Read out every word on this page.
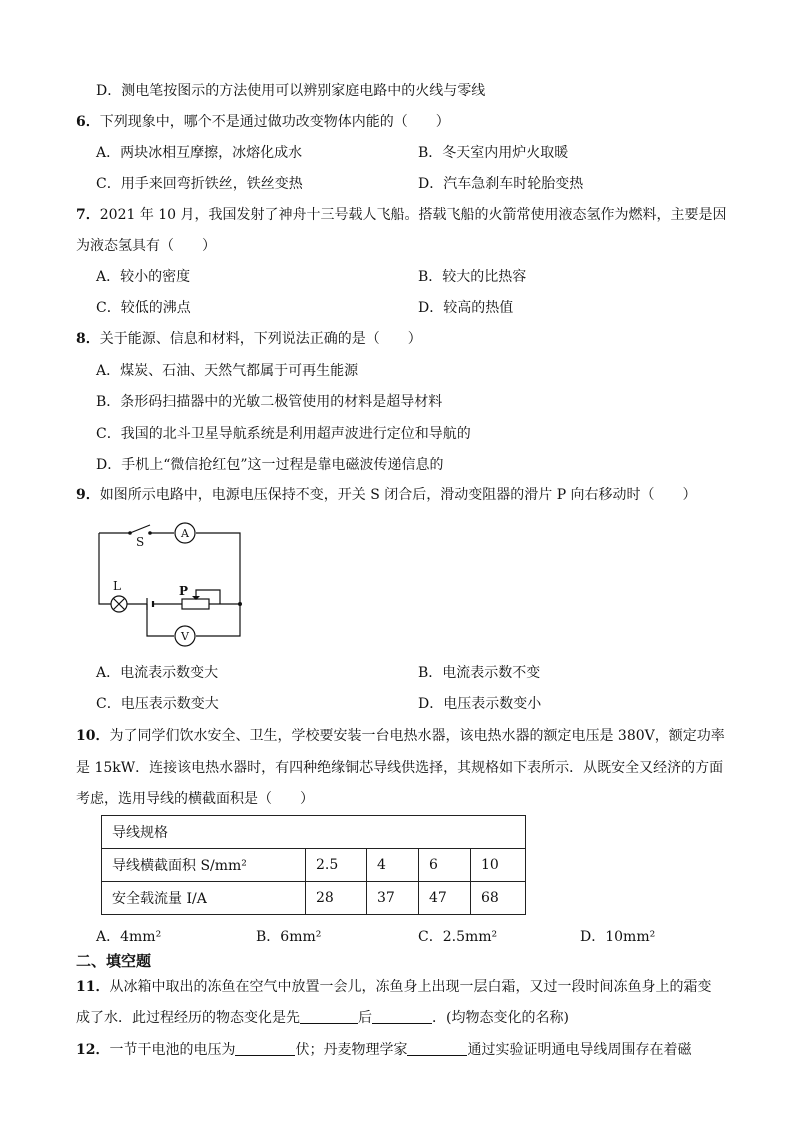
D．测电笔按图示的方法使用可以辨别家庭电路中的火线与零线
6．下列现象中，哪个不是通过做功改变物体内能的（　　）
A．两块冰相互摩擦，冰熔化成水	B．冬天室内用炉火取暖
C．用手来回弯折铁丝，铁丝变热	D．汽车急刹车时轮胎变热
7．2021 年 10 月，我国发射了神舟十三号载人飞船。搭载飞船的火箭常使用液态氢作为燃料，主要是因
为液态氢具有（　　）
A．较小的密度	B．较大的比热容
C．较低的沸点	D．较高的热值
8．关于能源、信息和材料，下列说法正确的是（　　）
A．煤炭、石油、天然气都属于可再生能源
B．条形码扫描器中的光敏二极管使用的材料是超导材料
C．我国的北斗卫星导航系统是利用超声波进行定位和导航的
D．手机上“微信抢红包”这一过程是靠电磁波传递信息的
9．如图所示电路中，电源电压保持不变，开关 S 闭合后，滑动变阻器的滑片 P 向右移动时（　　）
S
A
L	P
V
A．电流表示数变大	B．电流表示数不变
C．电压表示数变大	D．电压表示数变小
10．为了同学们饮水安全、卫生，学校要安装一台电热水器，该电热水器的额定电压是 380V，额定功率
是 15kW．连接该电热水器时，有四种绝缘铜芯导线供选择，其规格如下表所示．从既安全又经济的方面
考虑，选用导线的横截面积是（　　）
导线规格				
导线横截面积 S/mm²	2.5	4	6	10
安全载流量 I/A	28	37	47	68
A．4mm²	B．6mm²	C．2.5mm²	D．10mm²
二、填空题
11．从冰箱中取出的冻鱼在空气中放置一会儿，冻鱼身上出现一层白霜，又过一段时间冻鱼身上的霜变
成了水．此过程经历的物态变化是先	后	．(均物态变化的名称)
12．一节干电池的电压为	伏；丹麦物理学家	通过实验证明通电导线周围存在着磁
